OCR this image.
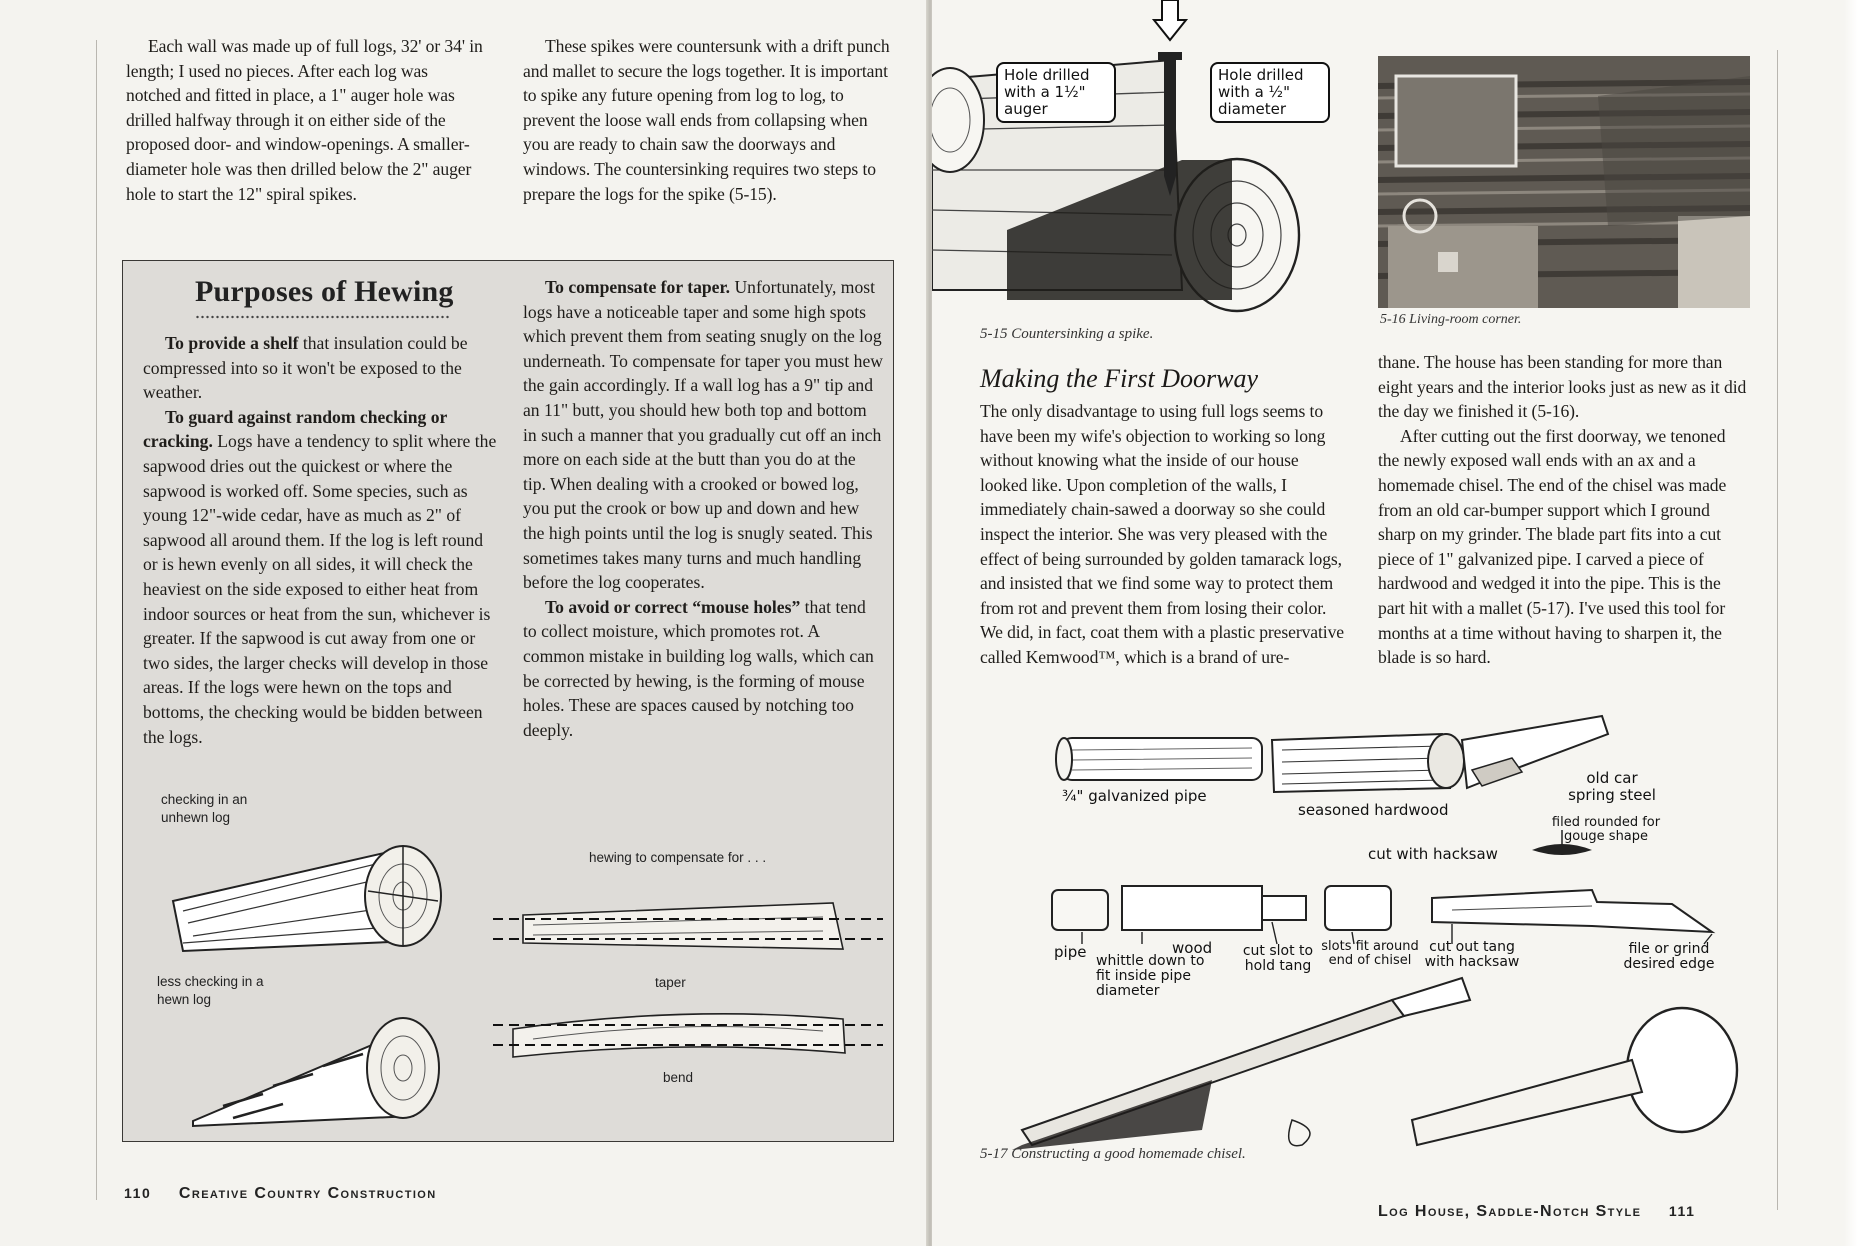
Each wall was made up of full logs, 32' or 34' in length; I used no pieces. After each log was notched and fitted in place, a 1" auger hole was drilled halfway through it on either side of the proposed door- and window-openings. A smaller-diameter hole was then drilled below the 2" auger hole to start the 12" spiral spikes.

These spikes were countersunk with a drift punch and mallet to secure the logs together. It is important to spike any future opening from log to log, to prevent the loose wall ends from collapsing when you are ready to chain saw the doorways and windows. The countersinking requires two steps to prepare the logs for the spike (5-15).

Purposes of Hewing

To provide a shelf that insulation could be compressed into so it won't be exposed to the weather.

To guard against random checking or cracking. Logs have a tendency to split where the sapwood dries out the quickest or where the sapwood is worked off. Some species, such as young 12"-wide cedar, have as much as 2" of sapwood all around them. If the log is left round or is hewn evenly on all sides, it will check the heaviest on the side exposed to either heat from indoor sources or heat from the sun, whichever is greater. If the sapwood is cut away from one or two sides, the larger checks will develop in those areas. If the logs were hewn on the tops and bottoms, the checking would be bidden between the logs.

To compensate for taper. Unfortunately, most logs have a noticeable taper and some high spots which prevent them from seating snugly on the log underneath. To compensate for taper you must hew the gain accordingly. If a wall log has a 9" tip and an 11" butt, you should hew both top and bottom in such a manner that you gradually cut off an inch more on each side at the butt than you do at the tip. When dealing with a crooked or bowed log, you put the crook or bow up and down and hew the high points until the log is snugly seated. This sometimes takes many turns and much handling before the log cooperates.

To avoid or correct “mouse holes” that tend to collect moisture, which promotes rot. A common mistake in building log walls, which can be corrected by hewing, is the forming of mouse holes. These are spaces caused by notching too deeply.

checking in an unhewn log
less checking in a hewn log
hewing to compensate for . . .
taper
bend
110 Creative Country Construction
Hole drilled with a 1½" auger
Hole drilled with a ½" diameter
5-15 Countersinking a spike.
5-16 Living-room corner.
Making the First Doorway

The only disadvantage to using full logs seems to have been my wife's objection to working so long without knowing what the inside of our house looked like. Upon completion of the walls, I immediately chain-sawed a doorway so she could inspect the interior. She was very pleased with the effect of being surrounded by golden tamarack logs, and insisted that we find some way to protect them from rot and prevent them from losing their color. We did, in fact, coat them with a plastic preservative called Kemwood™, which is a brand of ure-

thane. The house has been standing for more than eight years and the interior looks just as new as it did the day we finished it (5-16).

After cutting out the first doorway, we tenoned the newly exposed wall ends with an ax and a homemade chisel. The end of the chisel was made from an old car-bumper support which I ground sharp on my grinder. The blade part fits into a cut piece of 1" galvanized pipe. I carved a piece of hardwood and wedged it into the pipe. This is the part hit with a mallet (5-17). I've used this tool for months at a time without having to sharpen it, the blade is so hard.

¾" galvanized pipe
seasoned hardwood
old car spring steel
filed rounded for gouge shape
cut with hacksaw
pipe	wood
whittle down to fit inside pipe diameter
cut slot to hold tang
slots fit around end of chisel
cut out tang with hacksaw
file or grind desired edge
5-17 Constructing a good homemade chisel.
Log House, Saddle-Notch Style 111
